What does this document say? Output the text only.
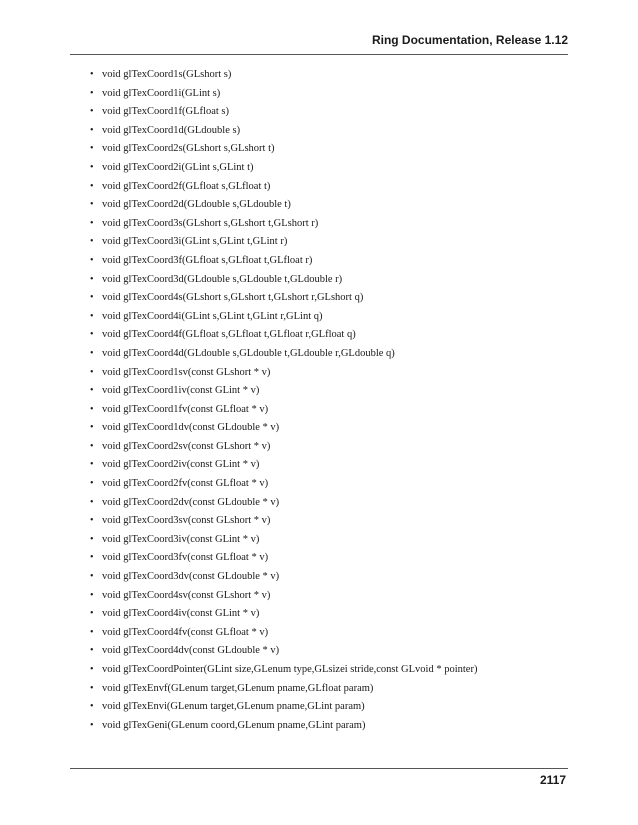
Ring Documentation, Release 1.12
• void glTexCoord1s(GLshort s)
• void glTexCoord1i(GLint s)
• void glTexCoord1f(GLfloat s)
• void glTexCoord1d(GLdouble s)
• void glTexCoord2s(GLshort s,GLshort t)
• void glTexCoord2i(GLint s,GLint t)
• void glTexCoord2f(GLfloat s,GLfloat t)
• void glTexCoord2d(GLdouble s,GLdouble t)
• void glTexCoord3s(GLshort s,GLshort t,GLshort r)
• void glTexCoord3i(GLint s,GLint t,GLint r)
• void glTexCoord3f(GLfloat s,GLfloat t,GLfloat r)
• void glTexCoord3d(GLdouble s,GLdouble t,GLdouble r)
• void glTexCoord4s(GLshort s,GLshort t,GLshort r,GLshort q)
• void glTexCoord4i(GLint s,GLint t,GLint r,GLint q)
• void glTexCoord4f(GLfloat s,GLfloat t,GLfloat r,GLfloat q)
• void glTexCoord4d(GLdouble s,GLdouble t,GLdouble r,GLdouble q)
• void glTexCoord1sv(const GLshort * v)
• void glTexCoord1iv(const GLint * v)
• void glTexCoord1fv(const GLfloat * v)
• void glTexCoord1dv(const GLdouble * v)
• void glTexCoord2sv(const GLshort * v)
• void glTexCoord2iv(const GLint * v)
• void glTexCoord2fv(const GLfloat * v)
• void glTexCoord2dv(const GLdouble * v)
• void glTexCoord3sv(const GLshort * v)
• void glTexCoord3iv(const GLint * v)
• void glTexCoord3fv(const GLfloat * v)
• void glTexCoord3dv(const GLdouble * v)
• void glTexCoord4sv(const GLshort * v)
• void glTexCoord4iv(const GLint * v)
• void glTexCoord4fv(const GLfloat * v)
• void glTexCoord4dv(const GLdouble * v)
• void glTexCoordPointer(GLint size,GLenum type,GLsizei stride,const GLvoid * pointer)
• void glTexEnvf(GLenum target,GLenum pname,GLfloat param)
• void glTexEnvi(GLenum target,GLenum pname,GLint param)
• void glTexGeni(GLenum coord,GLenum pname,GLint param)
2117
